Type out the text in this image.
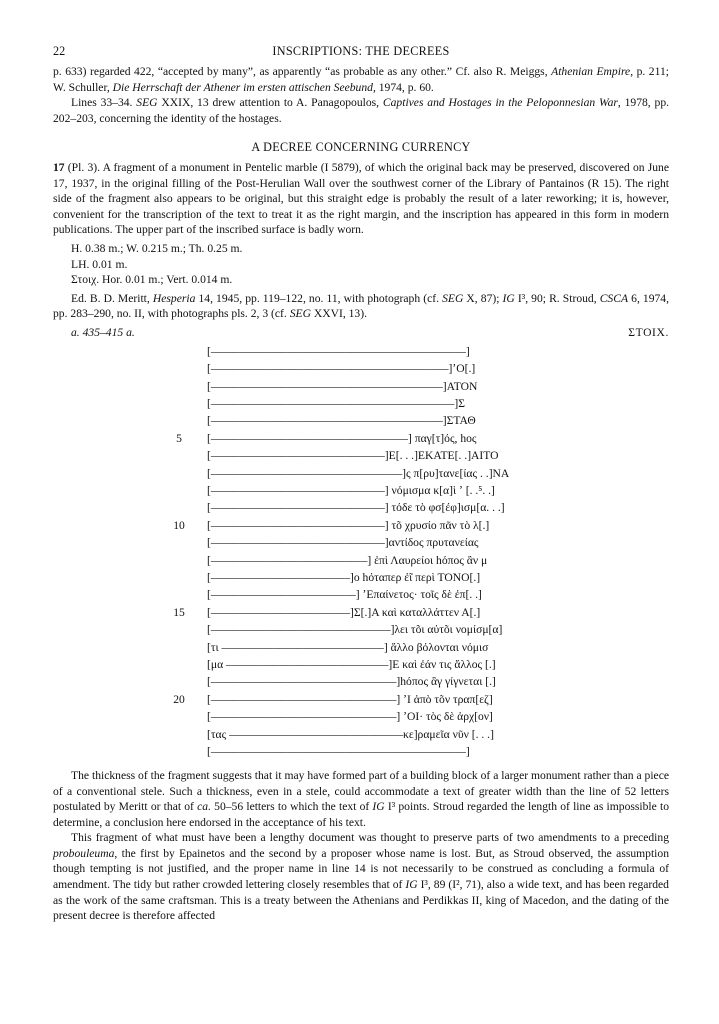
22	INSCRIPTIONS: THE DECREES

p. 633) regarded 422, “accepted by many”, as apparently “as probable as any other.” Cf. also R. Meiggs, Athenian Empire, p. 211; W. Schuller, Die Herrschaft der Athener im ersten attischen Seebund, 1974, p. 60.

Lines 33–34. SEG XXIX, 13 drew attention to A. Panagopoulos, Captives and Hostages in the Peloponnesian War, 1978, pp. 202–203, concerning the identity of the hostages.

A DECREE CONCERNING CURRENCY

17 (Pl. 3). A fragment of a monument in Pentelic marble (I 5879), of which the original back may be preserved, discovered on June 17, 1937, in the original filling of the Post-Herulian Wall over the southwest corner of the Library of Pantainos (R 15). The right side of the fragment also appears to be original, but this straight edge is probably the result of a later reworking; it is, however, convenient for the transcription of the text to treat it as the right margin, and the inscription has appeared in this form in modern publications. The upper part of the inscribed surface is badly worn.

H. 0.38 m.; W. 0.215 m.; Th. 0.25 m.
LH. 0.01 m.
Στοιχ. Hor. 0.01 m.; Vert. 0.014 m.

Ed. B. D. Meritt, Hesperia 14, 1945, pp. 119–122, no. 11, with photograph (cf. SEG X, 87); IG I³, 90; R. Stroud, CSCA 6, 1974, pp. 283–290, no. II, with photographs pls. 2, 3 (cf. SEG XXVI, 13).

a. 435–415 a.	ΣΤΟΙΧ.
[––––––––––––––––––––––––––––––––––––––––––––]
[–––––––––––––––––––––––––––––––––––––––––]ʼΟ[.]
[––––––––––––––––––––––––––––––––––––––––]ΑΤΟΝ
[––––––––––––––––––––––––––––––––––––––––––]Σ
[––––––––––––––––––––––––––––––––––––––––]ΣΤΑΘ
5	[––––––––––––––––––––––––––––––––––] παγ[τ]ός, hος
[––––––––––––––––––––––––––––––]Ε[. . .]ΕΚΑΤΕ[. .]ΑΙΤΟ
[–––––––––––––––––––––––––––––––––]ς π[ρυ]τανε[ίας . .]ΝΑ
[––––––––––––––––––––––––––––––] νόμισμα κ[α]ὶ ʼ [. .⁵. .]
[––––––––––––––––––––––––––––––] τόδε τὸ φσ[έφ]ισμ[α. . .]
10	[––––––––––––––––––––––––––––––] τõ χρυσίο πᾶν τὸ λ[.]
[––––––––––––––––––––––––––––––]αντίδος πρυτανείας
[–––––––––––––––––––––––––––] ἐπὶ Λαυρείοι hόπος ἂν μ
[––––––––––––––––––––––––]ο hόταπερ ἐ̃ι περὶ ΤΟΝΟ[.]
[–––––––––––––––––––––––––] ʼΕπαίνετος· τοῖς δὲ ἐπ[. .]
15	[––––––––––––––––––––––––]Σ[.]Α καὶ καταλλάττεν Α[.]
[–––––––––––––––––––––––––––––––]λει τõι αὐτõι νομίσμ[α]
[τι ––––––––––––––––––––––––––––] ἄλλο βόλονται νόμισ
[μα ––––––––––––––––––––––––––––]Ε καὶ ἐάν τις ἄλλος [.]
[––––––––––––––––––––––––––––––––]hόπος ἂγ γίγνεται [.]
20	[––––––––––––––––––––––––––––––––] ʼΙ ἀπὸ τõν τραπ[εζ]
[––––––––––––––––––––––––––––––––] ʼΟΙ· τὸς δὲ ἀρχ[ον]
[τας ––––––––––––––––––––––––––––––κε]ραμεῖα νῦν [. . .]
[––––––––––––––––––––––––––––––––––––––––––––]

The thickness of the fragment suggests that it may have formed part of a building block of a larger monument rather than a piece of a conventional stele. Such a thickness, even in a stele, could accommodate a text of greater width than the line of 52 letters postulated by Meritt or that of ca. 50–56 letters to which the text of IG I³ points. Stroud regarded the length of line as impossible to determine, a conclusion here endorsed in the acceptance of his text.

This fragment of what must have been a lengthy document was thought to preserve parts of two amendments to a preceding probouleuma, the first by Epainetos and the second by a proposer whose name is lost. But, as Stroud observed, the assumption though tempting is not justified, and the proper name in line 14 is not necessarily to be construed as concluding a formula of amendment. The tidy but rather crowded lettering closely resembles that of IG I³, 89 (I², 71), also a wide text, and has been regarded as the work of the same craftsman. This is a treaty between the Athenians and Perdikkas II, king of Macedon, and the dating of the present decree is therefore affected
